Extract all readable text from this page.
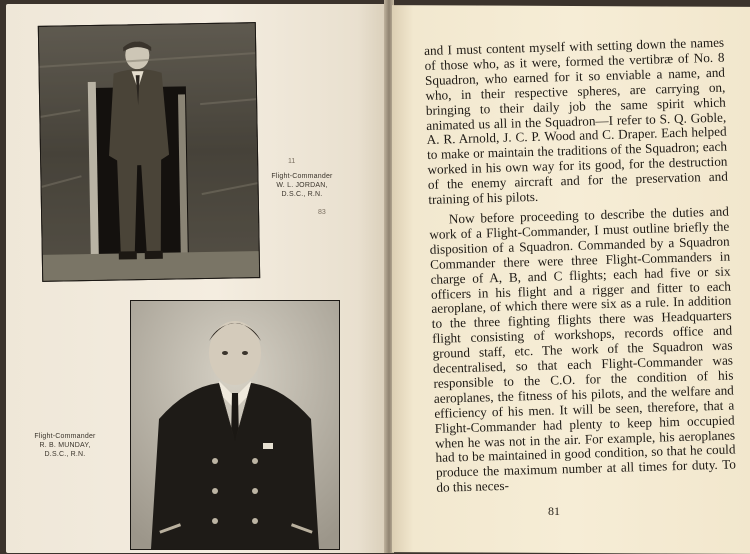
11
Flight-Commander
W. L. JORDAN,
D.S.C., R.N.
83
Flight-Commander
R. B. MUNDAY,
D.S.C., R.N.

and I must content myself with setting down the names of those who, as it were, formed the vertibræ of No. 8 Squadron, who earned for it so enviable a name, and who, in their respective spheres, are carrying on, bringing to their daily job the same spirit which animated us all in the Squadron—I refer to S. Q. Goble, A. R. Arnold, J. C. P. Wood and C. Draper. Each helped to make or maintain the traditions of the Squadron; each worked in his own way for its good, for the destruction of the enemy aircraft and for the preservation and training of his pilots.

Now before proceeding to describe the duties and work of a Flight-Commander, I must outline briefly the disposition of a Squadron. Commanded by a Squadron Commander there were three Flight-Commanders in charge of A, B, and C flights; each had five or six officers in his flight and a rigger and fitter to each aeroplane, of which there were six as a rule. In addition to the three fighting flights there was Headquarters flight consisting of workshops, records office and ground staff, etc. The work of the Squadron was decentralised, so that each Flight-Commander was responsible to the C.O. for the condition of his aeroplanes, the fitness of his pilots, and the welfare and efficiency of his men. It will be seen, therefore, that a Flight-Commander had plenty to keep him occupied when he was not in the air. For example, his aeroplanes had to be maintained in good condition, so that he could produce the maximum number at all times for duty. To do this neces-

81
